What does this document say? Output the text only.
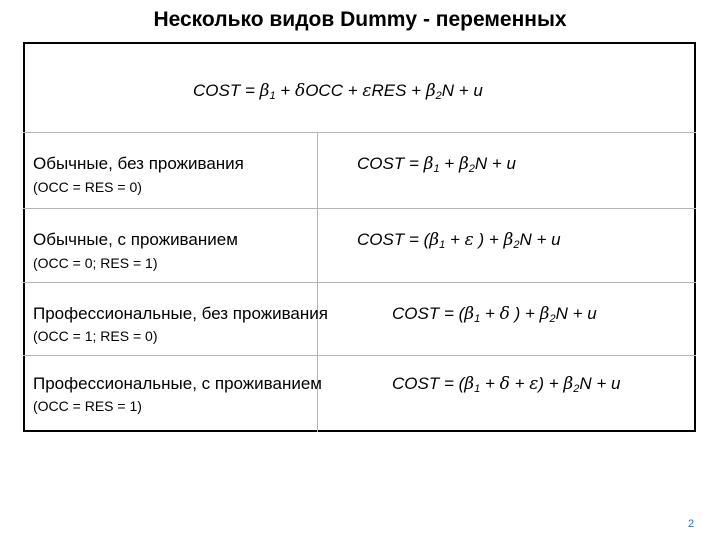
Несколько видов Dummy - переменных
COST = $\beta_1 + \delta OCC + \varepsilon RES + \beta_2N + u$
Обычные, без проживания
(OCC = RES = 0)
COST = $\beta_1 + \beta_2N + u$
Обычные, с проживанием
(OCC = 0; RES = 1)
COST = ($\beta_1 + \varepsilon$ ) + $\beta_2N + u$
Профессиональные, без проживания
(OCC = 1; RES = 0)
COST = ($\beta_1 + \delta$ ) + $\beta_2N + u$
Профессиональные, с проживанием
(OCC = RES = 1)
COST = $(\beta_1 + \delta + \varepsilon) + \beta_2N + u$
2
